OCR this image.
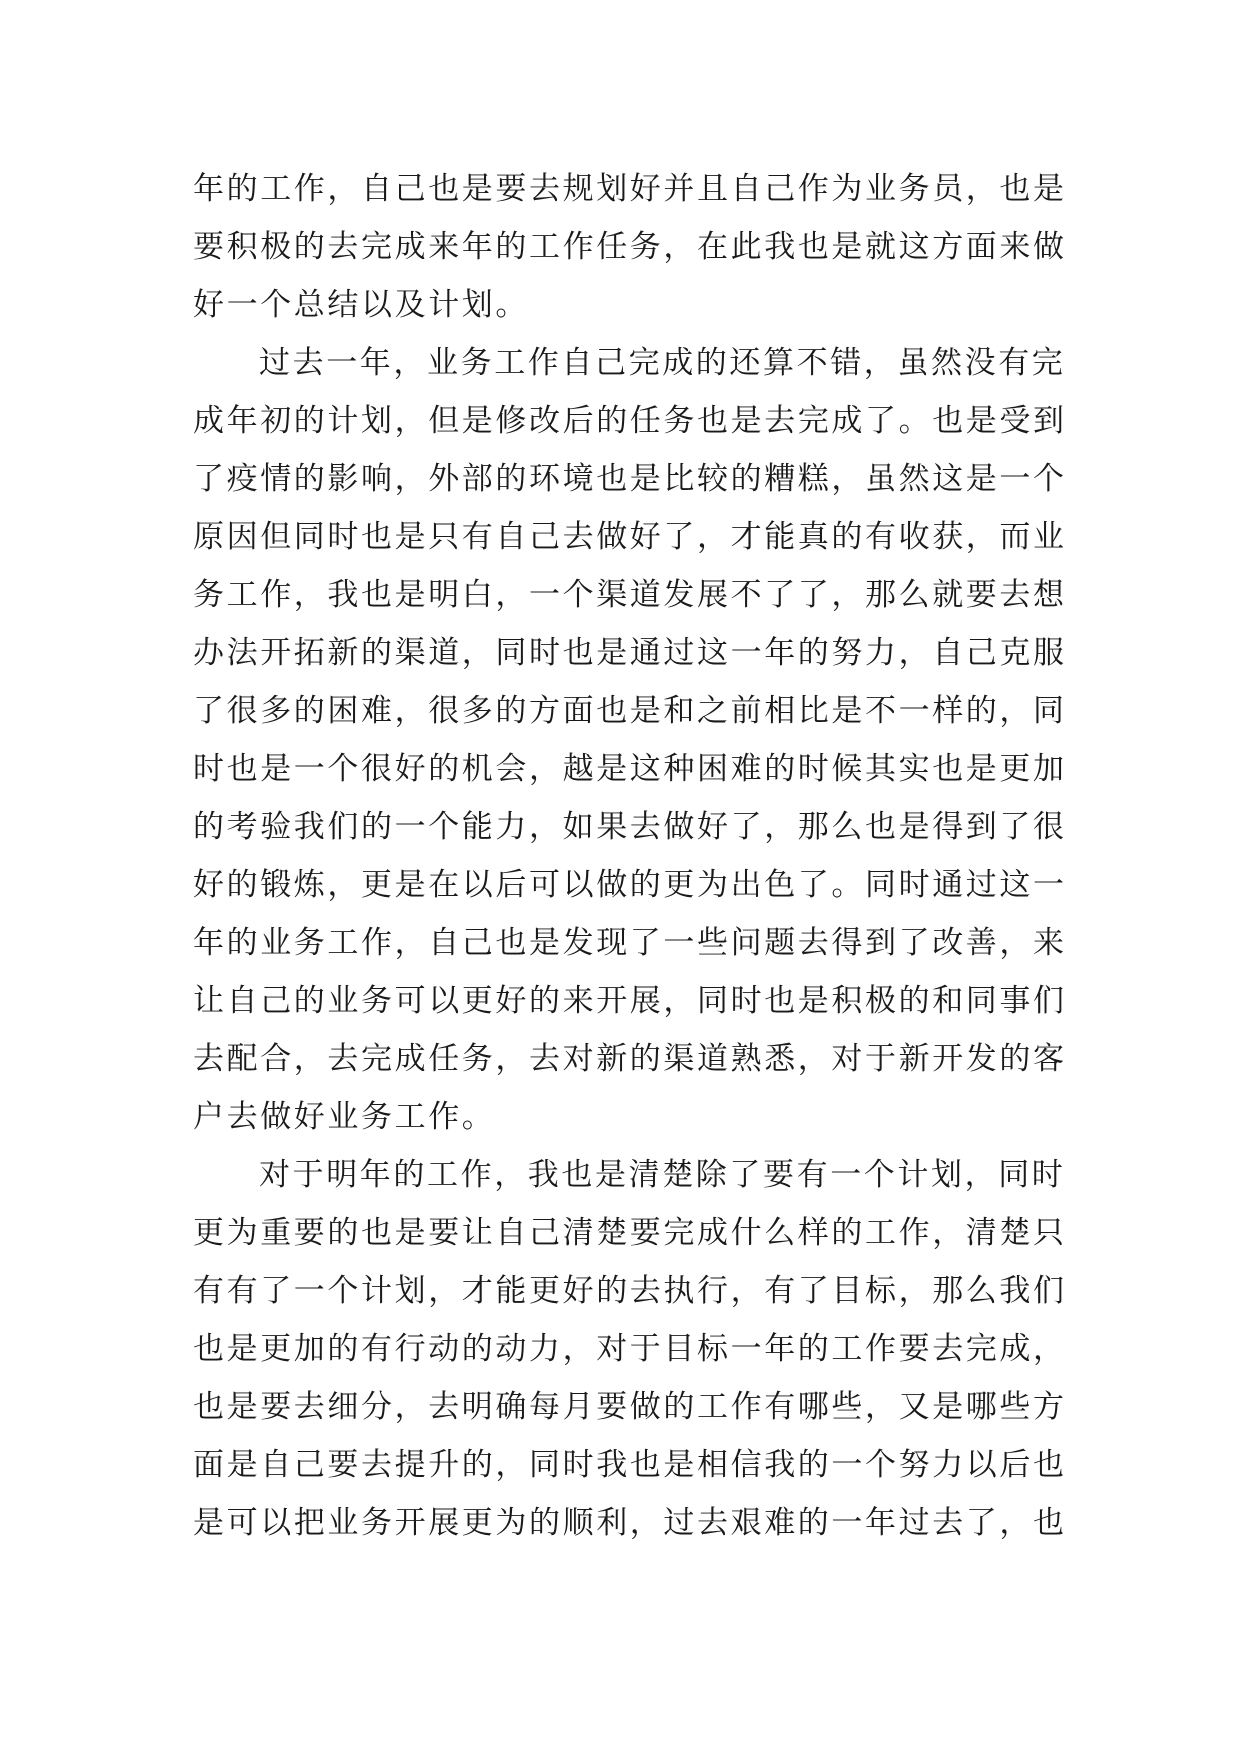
年的工作，自己也是要去规划好并且自己作为业务员，也是
要积极的去完成来年的工作任务，在此我也是就这方面来做
好一个总结以及计划。
过去一年，业务工作自己完成的还算不错，虽然没有完
成年初的计划，但是修改后的任务也是去完成了。也是受到
了疫情的影响，外部的环境也是比较的糟糕，虽然这是一个
原因但同时也是只有自己去做好了，才能真的有收获，而业
务工作，我也是明白，一个渠道发展不了了，那么就要去想
办法开拓新的渠道，同时也是通过这一年的努力，自己克服
了很多的困难，很多的方面也是和之前相比是不一样的，同
时也是一个很好的机会，越是这种困难的时候其实也是更加
的考验我们的一个能力，如果去做好了，那么也是得到了很
好的锻炼，更是在以后可以做的更为出色了。同时通过这一
年的业务工作，自己也是发现了一些问题去得到了改善，来
让自己的业务可以更好的来开展，同时也是积极的和同事们
去配合，去完成任务，去对新的渠道熟悉，对于新开发的客
户去做好业务工作。
对于明年的工作，我也是清楚除了要有一个计划，同时
更为重要的也是要让自己清楚要完成什么样的工作，清楚只
有有了一个计划，才能更好的去执行，有了目标，那么我们
也是更加的有行动的动力，对于目标一年的工作要去完成，
也是要去细分，去明确每月要做的工作有哪些，又是哪些方
面是自己要去提升的，同时我也是相信我的一个努力以后也
是可以把业务开展更为的顺利，过去艰难的一年过去了，也
